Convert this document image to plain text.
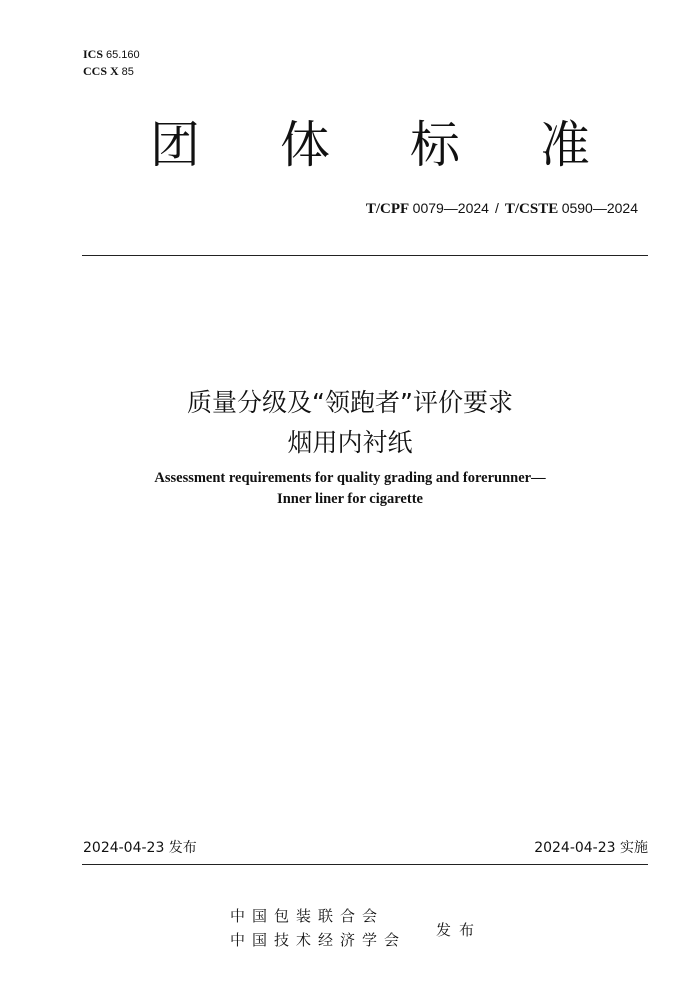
ICS 65.160
CCS X 85
团 体 标 准
T/CPF 0079—2024 / T/CSTE 0590—2024
质量分级及“领跑者”评价要求
烟用内衬纸
Assessment requirements for quality grading and forerunner—
Inner liner for cigarette
2024-04-23 发布	2024-04-23 实施
中国包装联合会
中国技术经济学会
发布
